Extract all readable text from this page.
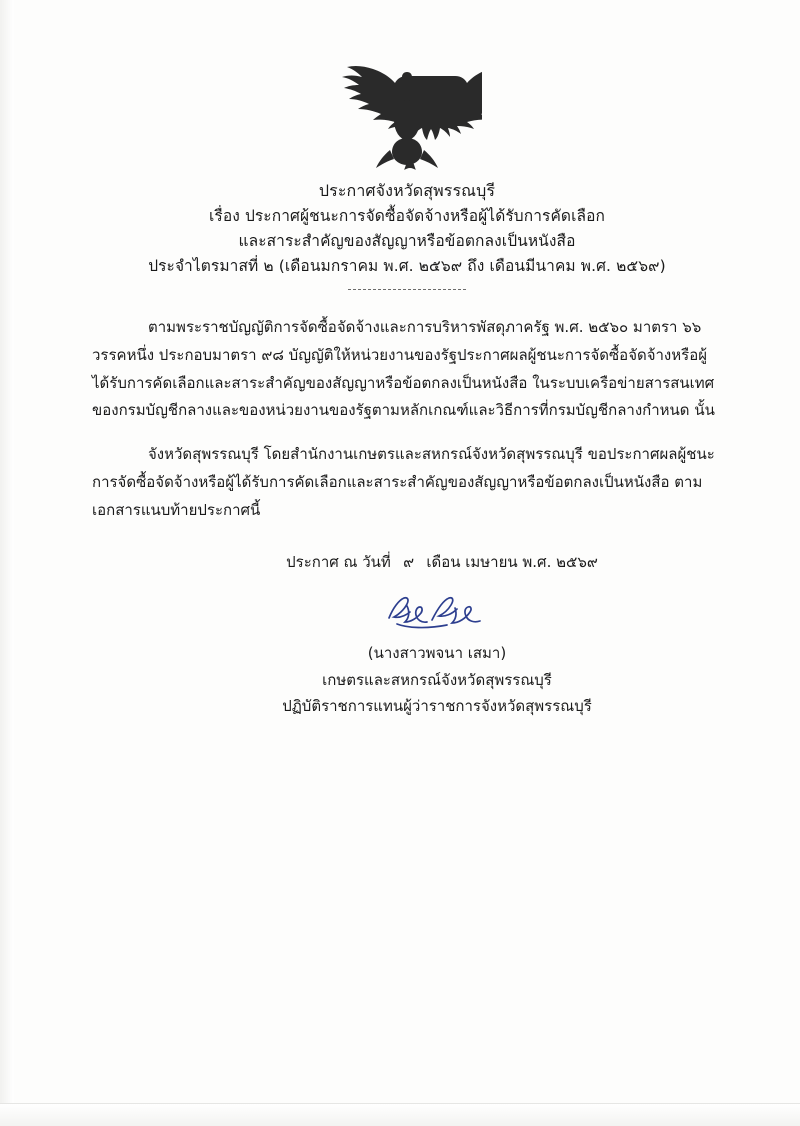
ประกาศจังหวัดสุพรรณบุรี
เรื่อง ประกาศผู้ชนะการจัดซื้อจัดจ้างหรือผู้ได้รับการคัดเลือก
และสาระสำคัญของสัญญาหรือข้อตกลงเป็นหนังสือ
ประจำไตรมาสที่ ๒ (เดือนมกราคม พ.ศ. ๒๕๖๙ ถึง เดือนมีนาคม พ.ศ. ๒๕๖๙)

ตามพระราชบัญญัติการจัดซื้อจัดจ้างและการบริหารพัสดุภาครัฐ พ.ศ. ๒๕๖๐ มาตรา ๖๖ วรรคหนึ่ง ประกอบมาตรา ๙๘ บัญญัติให้หน่วยงานของรัฐประกาศผลผู้ชนะการจัดซื้อจัดจ้างหรือผู้ได้รับการคัดเลือกและสาระสำคัญของสัญญาหรือข้อตกลงเป็นหนังสือ ในระบบเครือข่ายสารสนเทศของกรมบัญชีกลางและของหน่วยงานของรัฐตามหลักเกณฑ์และวิธีการที่กรมบัญชีกลางกำหนด นั้น

จังหวัดสุพรรณบุรี โดยสำนักงานเกษตรและสหกรณ์จังหวัดสุพรรณบุรี ขอประกาศผลผู้ชนะการจัดซื้อจัดจ้างหรือผู้ได้รับการคัดเลือกและสาระสำคัญของสัญญาหรือข้อตกลงเป็นหนังสือ ตามเอกสารแนบท้ายประกาศนี้

ประกาศ ณ วันที่ ๙ เดือน เมษายน พ.ศ. ๒๕๖๙
(นางสาวพจนา เสมา)
เกษตรและสหกรณ์จังหวัดสุพรรณบุรี
ปฏิบัติราชการแทนผู้ว่าราชการจังหวัดสุพรรณบุรี
